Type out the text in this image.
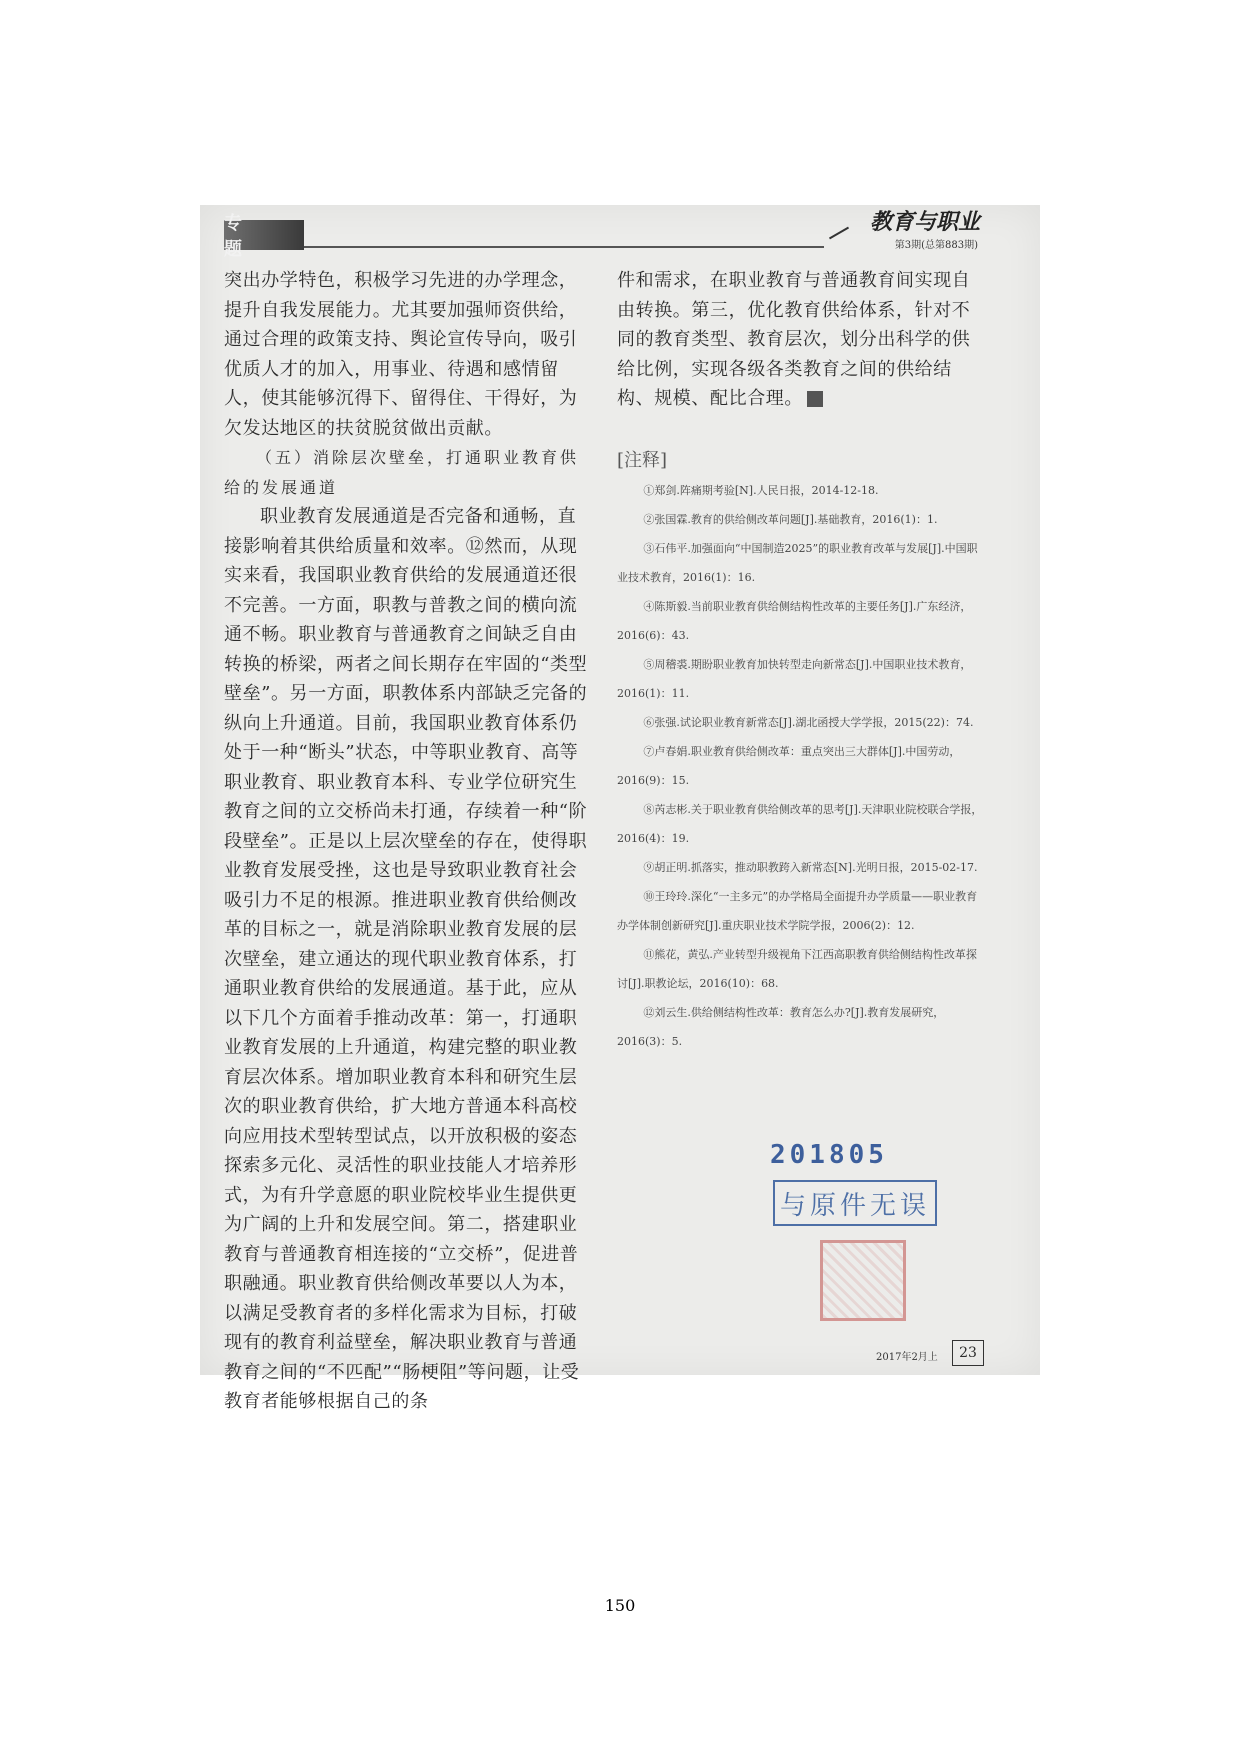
专 题
教育与职业
第3期(总第883期)

突出办学特色，积极学习先进的办学理念，提升自我发展能力。尤其要加强师资供给，通过合理的政策支持、舆论宣传导向，吸引优质人才的加入，用事业、待遇和感情留人，使其能够沉得下、留得住、干得好，为欠发达地区的扶贫脱贫做出贡献。

（五）消除层次壁垒，打通职业教育供给的发展通道

职业教育发展通道是否完备和通畅，直接影响着其供给质量和效率。⑫然而，从现实来看，我国职业教育供给的发展通道还很不完善。一方面，职教与普教之间的横向流通不畅。职业教育与普通教育之间缺乏自由转换的桥梁，两者之间长期存在牢固的“类型壁垒”。另一方面，职教体系内部缺乏完备的纵向上升通道。目前，我国职业教育体系仍处于一种“断头”状态，中等职业教育、高等职业教育、职业教育本科、专业学位研究生教育之间的立交桥尚未打通，存续着一种“阶段壁垒”。正是以上层次壁垒的存在，使得职业教育发展受挫，这也是导致职业教育社会吸引力不足的根源。推进职业教育供给侧改革的目标之一，就是消除职业教育发展的层次壁垒，建立通达的现代职业教育体系，打通职业教育供给的发展通道。基于此，应从以下几个方面着手推动改革：第一，打通职业教育发展的上升通道，构建完整的职业教育层次体系。增加职业教育本科和研究生层次的职业教育供给，扩大地方普通本科高校向应用技术型转型试点，以开放积极的姿态探索多元化、灵活性的职业技能人才培养形式，为有升学意愿的职业院校毕业生提供更为广阔的上升和发展空间。第二，搭建职业教育与普通教育相连接的“立交桥”，促进普职融通。职业教育供给侧改革要以人为本，以满足受教育者的多样化需求为目标，打破现有的教育利益壁垒，解决职业教育与普通教育之间的“不匹配”“肠梗阻”等问题，让受教育者能够根据自己的条

件和需求，在职业教育与普通教育间实现自由转换。第三，优化教育供给体系，针对不同的教育类型、教育层次，划分出科学的供给比例，实现各级各类教育之间的供给结构、规模、配比合理。

[注释]
①郑剑.阵痛期考验[N].人民日报，2014-12-18.
②张国霖.教育的供给侧改革问题[J].基础教育，2016(1)：1.
③石伟平.加强面向“中国制造2025”的职业教育改革与发展[J].中国职业技术教育，2016(1)：16.
④陈斯毅.当前职业教育供给侧结构性改革的主要任务[J].广东经济，2016(6)：43.
⑤周稽裘.期盼职业教育加快转型走向新常态[J].中国职业技术教育，2016(1)：11.
⑥张强.试论职业教育新常态[J].湖北函授大学学报，2015(22)：74.
⑦卢春娟.职业教育供给侧改革：重点突出三大群体[J].中国劳动，2016(9)：15.
⑧芮志彬.关于职业教育供给侧改革的思考[J].天津职业院校联合学报，2016(4)：19.
⑨胡正明.抓落实，推动职教跨入新常态[N].光明日报，2015-02-17.
⑩王玲玲.深化“一主多元”的办学格局全面提升办学质量——职业教育办学体制创新研究[J].重庆职业技术学院学报，2006(2)：12.
⑪熊花，黄弘.产业转型升级视角下江西高职教育供给侧结构性改革探讨[J].职教论坛，2016(10)：68.
⑫刘云生.供给侧结构性改革：教育怎么办?[J].教育发展研究，2016(3)：5.
201805
与原件无误
2017年2月上	23
150
